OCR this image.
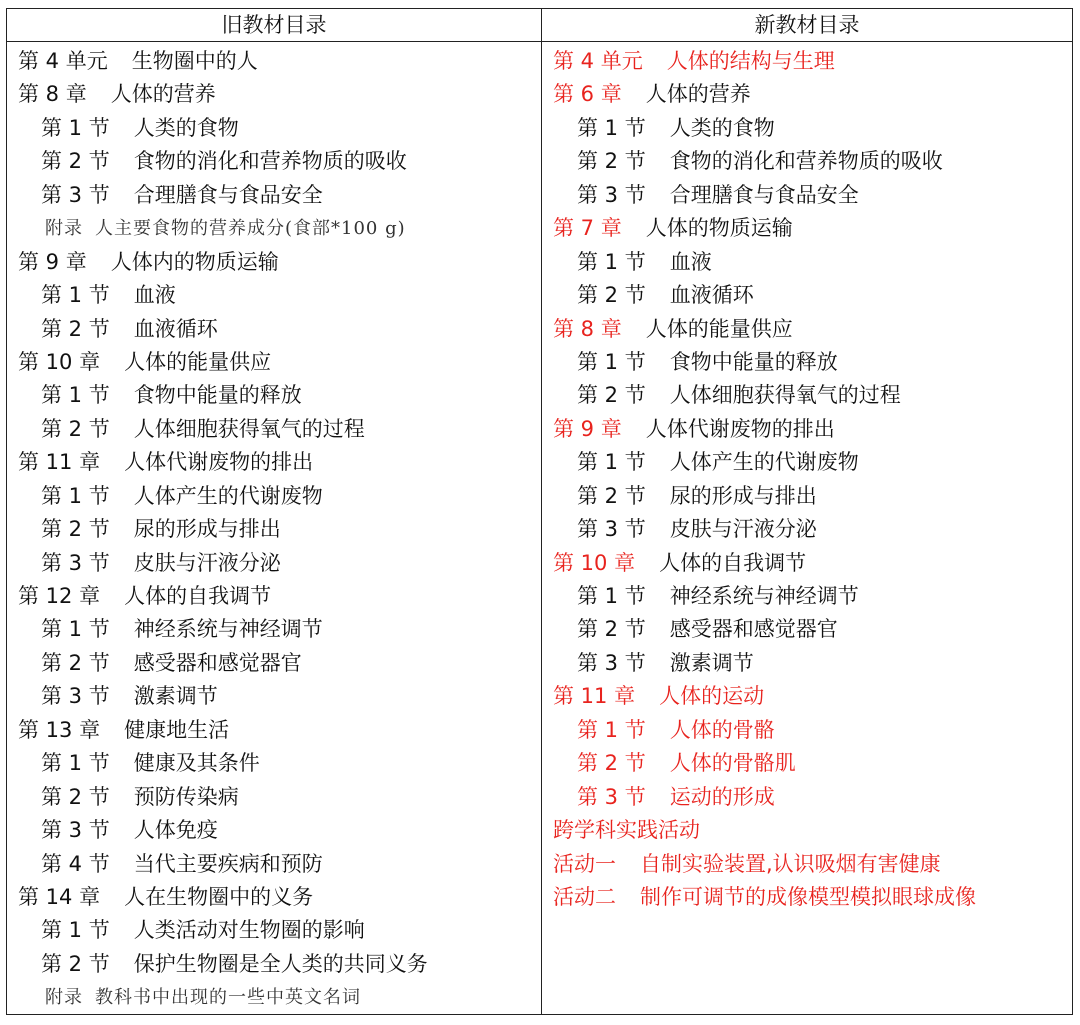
旧教材目录	新教材目录
第 4 单元 生物圈中的人
第 8 章 人体的营养
第 1 节 人类的食物
第 2 节 食物的消化和营养物质的吸收
第 3 节 合理膳食与食品安全
附录 人主要食物的营养成分(食部*100 g)
第 9 章 人体内的物质运输
第 1 节 血液
第 2 节 血液循环
第 10 章 人体的能量供应
第 1 节 食物中能量的释放
第 2 节 人体细胞获得氧气的过程
第 11 章 人体代谢废物的排出
第 1 节 人体产生的代谢废物
第 2 节 尿的形成与排出
第 3 节 皮肤与汗液分泌
第 12 章 人体的自我调节
第 1 节 神经系统与神经调节
第 2 节 感受器和感觉器官
第 3 节 激素调节
第 13 章 健康地生活
第 1 节 健康及其条件
第 2 节 预防传染病
第 3 节 人体免疫
第 4 节 当代主要疾病和预防
第 14 章 人在生物圈中的义务
第 1 节 人类活动对生物圈的影响
第 2 节 保护生物圈是全人类的共同义务
附录 教科书中出现的一些中英文名词
第 4 单元 人体的结构与生理
第 6 章 人体的营养
第 1 节 人类的食物
第 2 节 食物的消化和营养物质的吸收
第 3 节 合理膳食与食品安全
第 7 章 人体的物质运输
第 1 节 血液
第 2 节 血液循环
第 8 章 人体的能量供应
第 1 节 食物中能量的释放
第 2 节 人体细胞获得氧气的过程
第 9 章 人体代谢废物的排出
第 1 节 人体产生的代谢废物
第 2 节 尿的形成与排出
第 3 节 皮肤与汗液分泌
第 10 章 人体的自我调节
第 1 节 神经系统与神经调节
第 2 节 感受器和感觉器官
第 3 节 激素调节
第 11 章 人体的运动
第 1 节 人体的骨骼
第 2 节 人体的骨骼肌
第 3 节 运动的形成
跨学科实践活动
活动一 自制实验装置,认识吸烟有害健康
活动二 制作可调节的成像模型模拟眼球成像
